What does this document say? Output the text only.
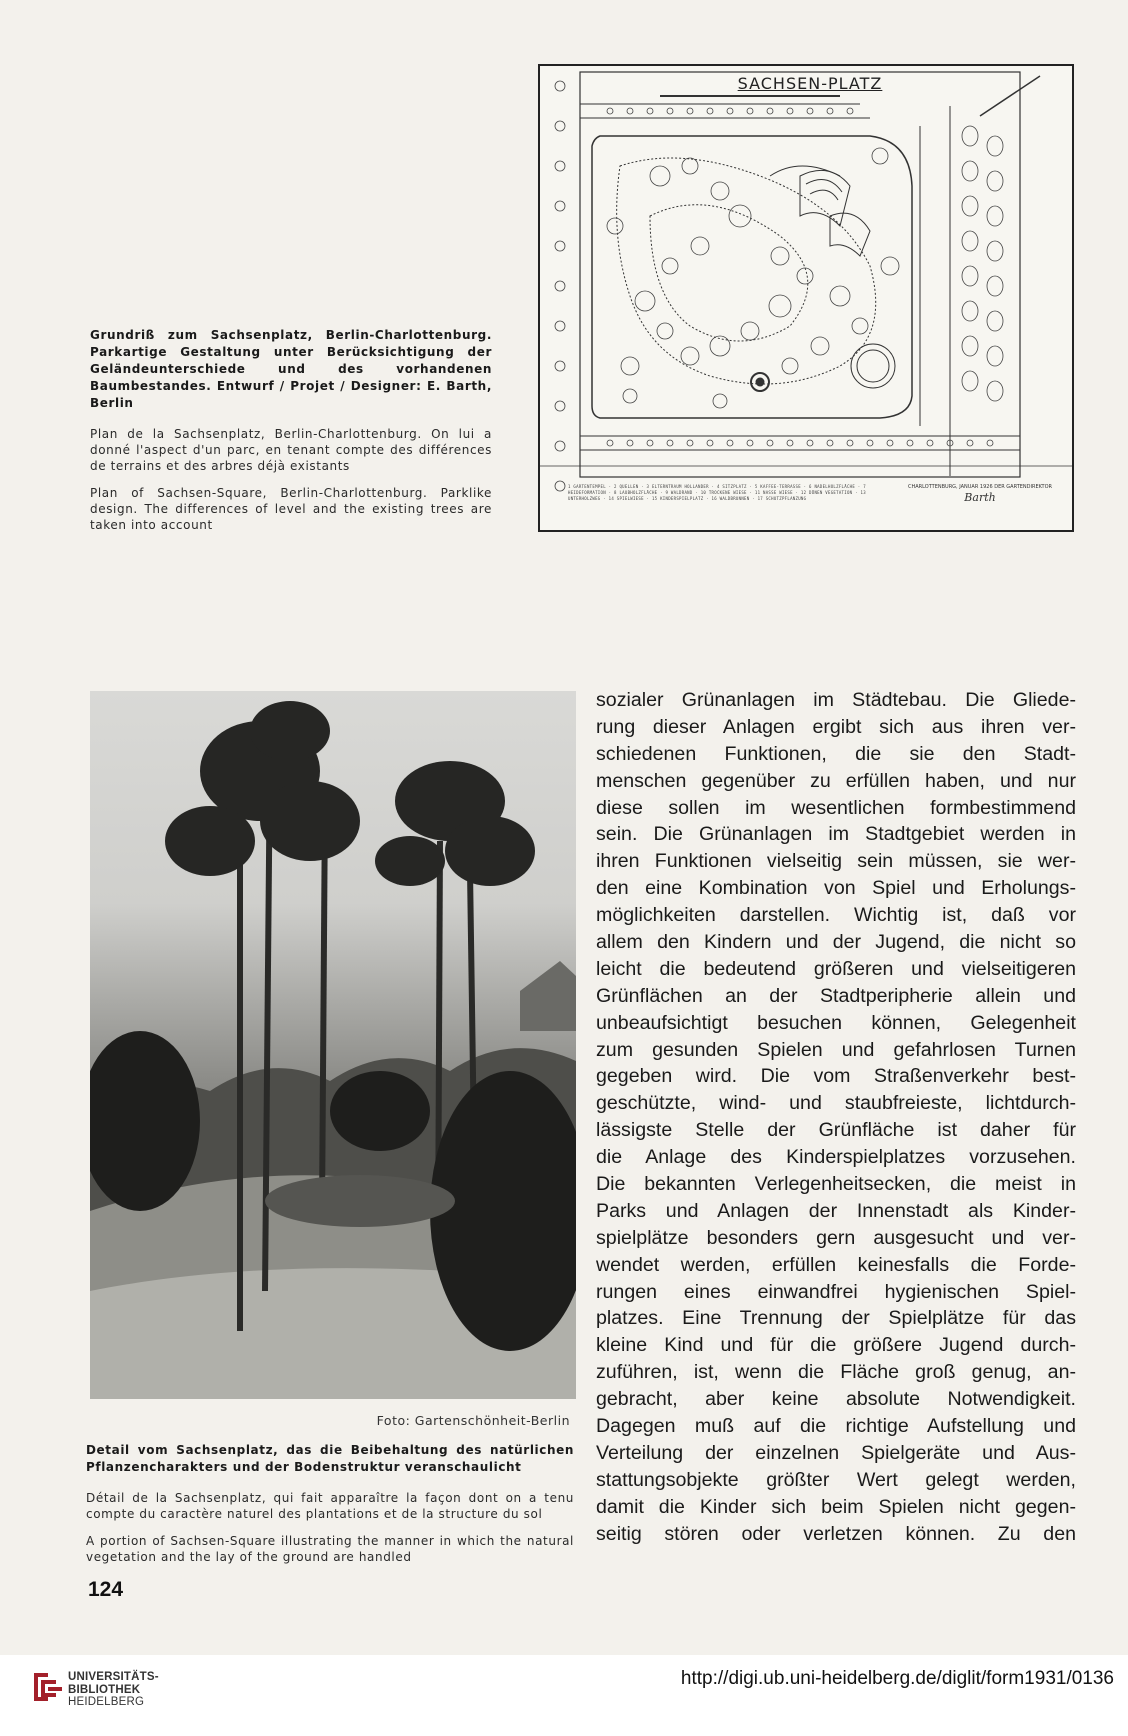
Grundriß zum Sachsenplatz, Berlin-Charlottenburg. Parkartige Gestaltung unter Berücksichtigung der Geländeunterschiede und des vorhandenen Baumbestandes. Entwurf / Projet / Designer: E. Barth, Berlin

Plan de la Sachsenplatz, Berlin-Charlottenburg. On lui a donné l'aspect d'un parc, en tenant compte des différences de terrains et des arbres déjà existants

Plan of Sachsen-Square, Berlin-Charlottenburg. Parklike design. The differences of level and the existing trees are taken into account

SACHSEN-PLATZ
1 GARTENTEMPEL · 2 QUELLEN · 3 ELTERNTRAUM HOLLANDER · 4 SITZPLATZ · 5 KAFFEE-TERRASSE · 6 NADELHOLZFLÄCHE · 7 HEIDEFORMATION · 8 LAUBHOLZFLÄCHE · 9 WALDRAND · 10 TROCKENE WIESE · 11 NASSE WIESE · 12 DÜNEN VEGETATION · 13 UNTERHOLZWEG · 14 SPIELWIESE · 15 KINDERSPIELPLATZ · 16 WALDBRUNNEN · 17 SCHUTZPFLANZUNG
CHARLOTTENBURG, JANUAR 1926 DER GARTENDIREKTOR
Barth
Foto: Gartenschönheit-Berlin

Detail vom Sachsenplatz, das die Beibehaltung des natürlichen Pflanzencharakters und der Bodenstruktur veranschaulicht

Détail de la Sachsenplatz, qui fait apparaître la façon dont on a tenu compte du caractère naturel des plantations et de la structure du sol

A portion of Sachsen-Square illustrating the manner in which the natural vegetation and the lay of the ground are handled

sozialer Grünanlagen im Städtebau. Die Gliede-
rung dieser Anlagen ergibt sich aus ihren ver-
schiedenen Funktionen, die sie den Stadt-
menschen gegenüber zu erfüllen haben, und nur
diese sollen im wesentlichen formbestimmend
sein. Die Grünanlagen im Stadtgebiet werden in
ihren Funktionen vielseitig sein müssen, sie wer-
den eine Kombination von Spiel und Erholungs-
möglichkeiten darstellen. Wichtig ist, daß vor
allem den Kindern und der Jugend, die nicht so
leicht die bedeutend größeren und vielseitigeren
Grünflächen an der Stadtperipherie allein und
unbeaufsichtigt besuchen können, Gelegenheit
zum gesunden Spielen und gefahrlosen Turnen
gegeben wird. Die vom Straßenverkehr best-
geschützte, wind- und staubfreieste, lichtdurch-
lässigste Stelle der Grünfläche ist daher für
die Anlage des Kinderspielplatzes vorzusehen.
Die bekannten Verlegenheitsecken, die meist in
Parks und Anlagen der Innenstadt als Kinder-
spielplätze besonders gern ausgesucht und ver-
wendet werden, erfüllen keinesfalls die Forde-
rungen eines einwandfrei hygienischen Spiel-
platzes. Eine Trennung der Spielplätze für das
kleine Kind und für die größere Jugend durch-
zuführen, ist, wenn die Fläche groß genug, an-
gebracht, aber keine absolute Notwendigkeit.
Dagegen muß auf die richtige Aufstellung und
Verteilung der einzelnen Spielgeräte und Aus-
stattungsobjekte größter Wert gelegt werden,
damit die Kinder sich beim Spielen nicht gegen-
seitig stören oder verletzen können. Zu den
124
UNIVERSITÄTS-
BIBLIOTHEK
HEIDELBERG
http://digi.ub.uni-heidelberg.de/diglit/form1931/0136
